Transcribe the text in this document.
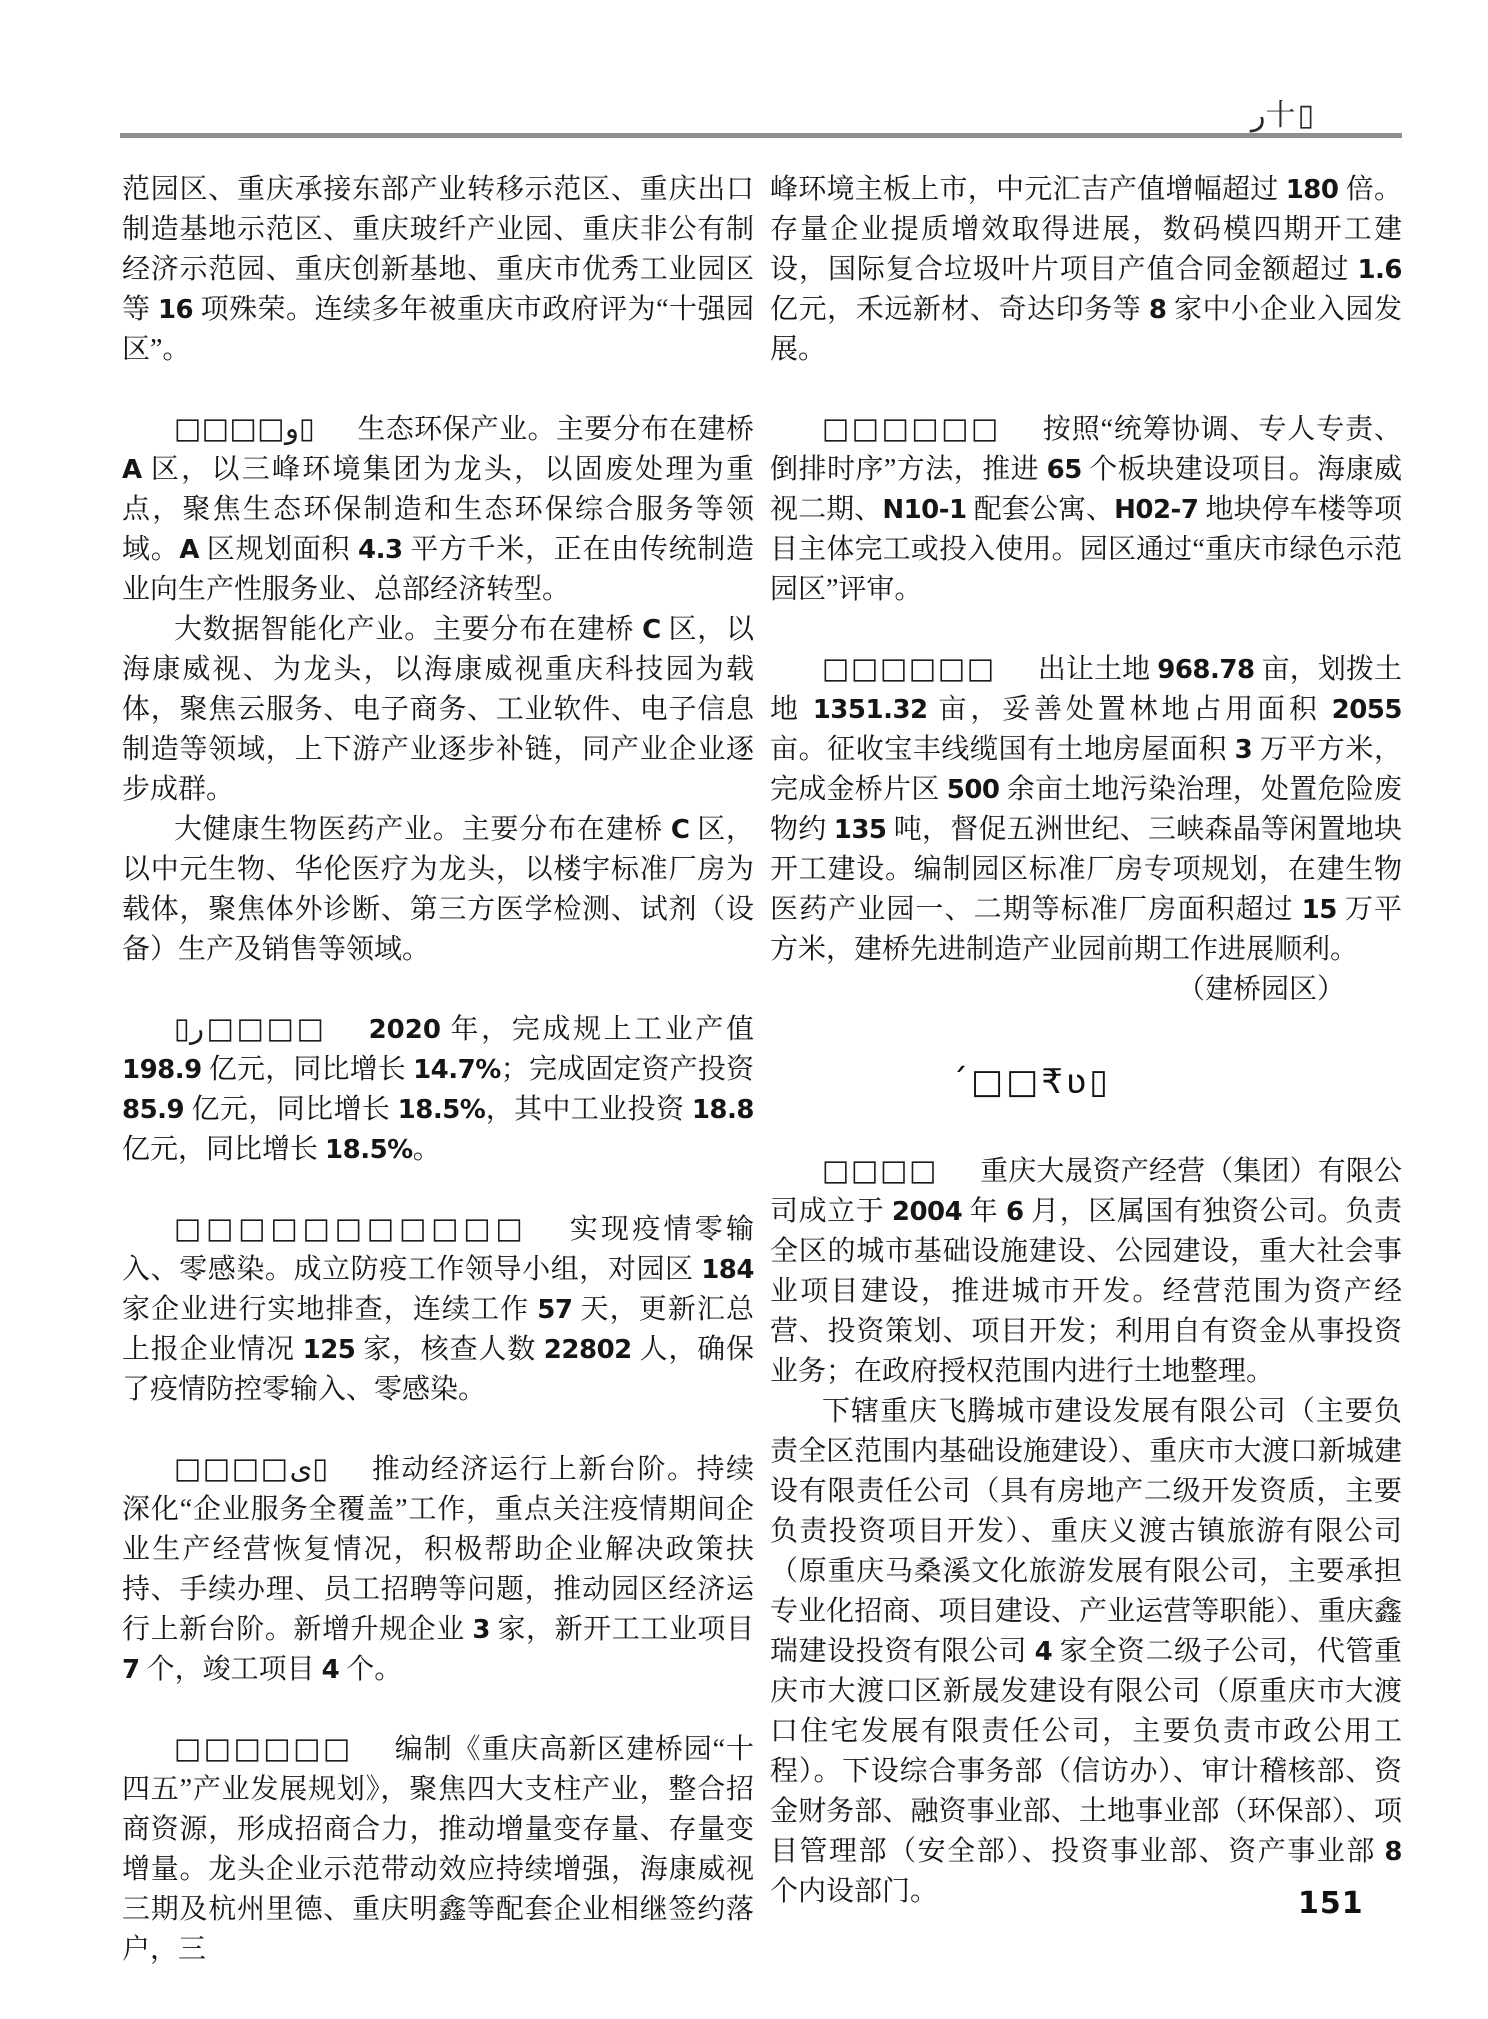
ر十▯

范园区、重庆承接东部产业转移示范区、重庆出口制造基地示范区、重庆玻纤产业园、重庆非公有制经济示范园、重庆创新基地、重庆市优秀工业园区等 16 项殊荣。连续多年被重庆市政府评为“十强园区”。

□□□□و▯ 生态环保产业。主要分布在建桥 A 区，以三峰环境集团为龙头，以固废处理为重点，聚焦生态环保制造和生态环保综合服务等领域。A 区规划面积 4.3 平方千米，正在由传统制造业向生产性服务业、总部经济转型。

大数据智能化产业。主要分布在建桥 C 区，以海康威视、为龙头，以海康威视重庆科技园为载体，聚焦云服务、电子商务、工业软件、电子信息制造等领域，上下游产业逐步补链，同产业企业逐步成群。

大健康生物医药产业。主要分布在建桥 C 区，以中元生物、华伦医疗为龙头，以楼宇标准厂房为载体，聚焦体外诊断、第三方医学检测、试剂（设备）生产及销售等领域。

▯ر□□□□ 2020 年，完成规上工业产值 198.9 亿元，同比增长 14.7%；完成固定资产投资 85.9 亿元，同比增长 18.5%，其中工业投资 18.8 亿元，同比增长 18.5%。

□□□□□□□□□□□ 实现疫情零输入、零感染。成立防疫工作领导小组，对园区 184 家企业进行实地排查，连续工作 57 天，更新汇总上报企业情况 125 家，核查人数 22802 人，确保了疫情防控零输入、零感染。

□□□□ى▯ 推动经济运行上新台阶。持续深化“企业服务全覆盖”工作，重点关注疫情期间企业生产经营恢复情况，积极帮助企业解决政策扶持、手续办理、员工招聘等问题，推动园区经济运行上新台阶。新增升规企业 3 家，新开工工业项目 7 个，竣工项目 4 个。

□□□□□□ 编制《重庆高新区建桥园“十四五”产业发展规划》，聚焦四大支柱产业，整合招商资源，形成招商合力，推动增量变存量、存量变增量。龙头企业示范带动效应持续增强，海康威视三期及杭州里德、重庆明鑫等配套企业相继签约落户，三

峰环境主板上市，中元汇吉产值增幅超过 180 倍。存量企业提质增效取得进展，数码模四期开工建设，国际复合垃圾叶片项目产值合同金额超过 1.6 亿元，禾远新材、奇达印务等 8 家中小企业入园发展。

□□□□□□ 按照“统筹协调、专人专责、倒排时序”方法，推进 65 个板块建设项目。海康威视二期、N10-1 配套公寓、H02-7 地块停车楼等项目主体完工或投入使用。园区通过“重庆市绿色示范园区”评审。

□□□□□□ 出让土地 968.78 亩，划拨土地 1351.32 亩，妥善处置林地占用面积 2055 亩。征收宝丰线缆国有土地房屋面积 3 万平方米，完成金桥片区 500 余亩土地污染治理，处置危险废物约 135 吨，督促五洲世纪、三峡森晶等闲置地块开工建设。编制园区标准厂房专项规划，在建生物医药产业园一、二期等标准厂房面积超过 15 万平方米，建桥先进制造产业园前期工作进展顺利。

（建桥园区）

´□□₹ʋ▯

□□□□ 重庆大晟资产经营（集团）有限公司成立于 2004 年 6 月，区属国有独资公司。负责全区的城市基础设施建设、公园建设，重大社会事业项目建设，推进城市开发。经营范围为资产经营、投资策划、项目开发；利用自有资金从事投资业务；在政府授权范围内进行土地整理。

下辖重庆飞腾城市建设发展有限公司（主要负责全区范围内基础设施建设）、重庆市大渡口新城建设有限责任公司（具有房地产二级开发资质，主要负责投资项目开发）、重庆义渡古镇旅游有限公司（原重庆马桑溪文化旅游发展有限公司，主要承担专业化招商、项目建设、产业运营等职能）、重庆鑫瑞建设投资有限公司 4 家全资二级子公司，代管重庆市大渡口区新晟发建设有限公司（原重庆市大渡口住宅发展有限责任公司，主要负责市政公用工程）。下设综合事务部（信访办）、审计稽核部、资金财务部、融资事业部、土地事业部（环保部）、项目管理部（安全部）、投资事业部、资产事业部 8 个内设部门。	151
